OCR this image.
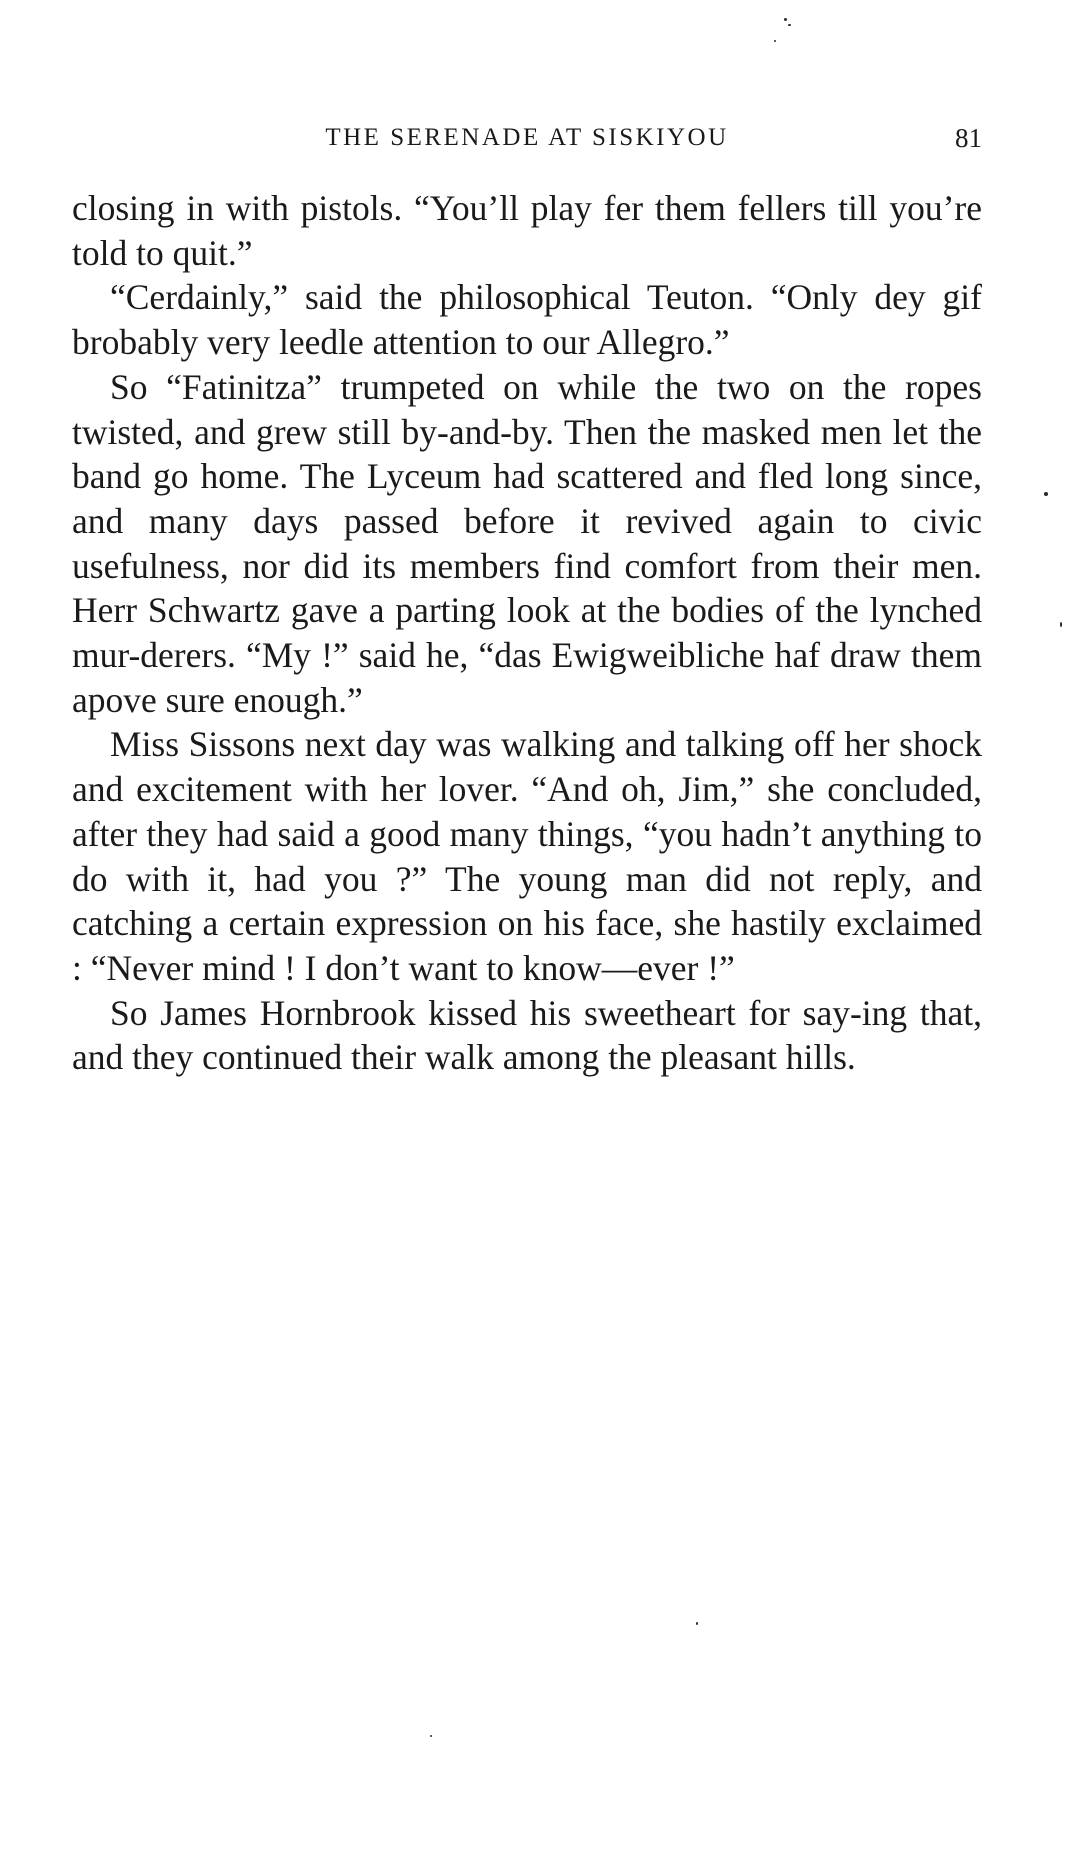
THE SERENADE AT SISKIYOU	81

closing in with pistols. “You’ll play fer them fellers till you’re told to quit.”

“Cerdainly,” said the philosophical Teuton. “Only dey gif brobably very leedle attention to our Allegro.”

So “Fatinitza” trumpeted on while the two on the ropes twisted, and grew still by-and-by. Then the masked men let the band go home. The Lyceum had scattered and fled long since, and many days passed before it revived again to civic usefulness, nor did its members find comfort from their men. Herr Schwartz gave a parting look at the bodies of the lynched mur-derers. “My !” said he, “das Ewigweibliche haf draw them apove sure enough.”

Miss Sissons next day was walking and talking off her shock and excitement with her lover. “And oh, Jim,” she concluded, after they had said a good many things, “you hadn’t anything to do with it, had you ?” The young man did not reply, and catching a certain expression on his face, she hastily exclaimed : “Never mind ! I don’t want to know—ever !”

So James Hornbrook kissed his sweetheart for say-ing that, and they continued their walk among the pleasant hills.
